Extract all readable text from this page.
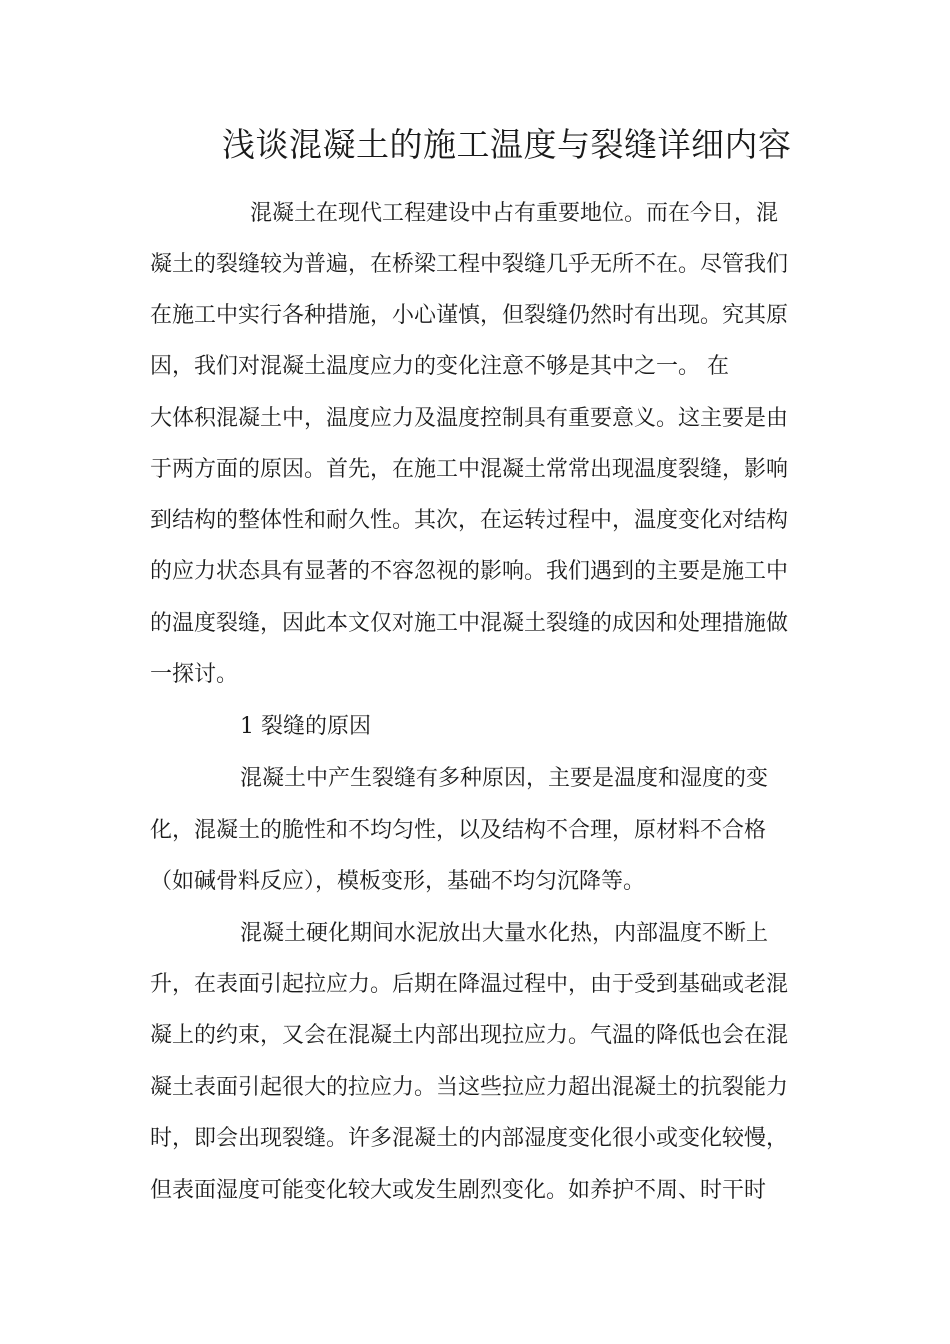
浅谈混凝土的施工温度与裂缝详细内容
混凝土在现代工程建设中占有重要地位。而在今日，混
凝土的裂缝较为普遍，在桥梁工程中裂缝几乎无所不在。尽管我们
在施工中实行各种措施，小心谨慎，但裂缝仍然时有出现。究其原
因，我们对混凝土温度应力的变化注意不够是其中之一。 在
大体积混凝土中，温度应力及温度控制具有重要意义。这主要是由
于两方面的原因。首先，在施工中混凝土常常出现温度裂缝，影响
到结构的整体性和耐久性。其次，在运转过程中，温度变化对结构
的应力状态具有显著的不容忽视的影响。我们遇到的主要是施工中
的温度裂缝，因此本文仅对施工中混凝土裂缝的成因和处理措施做
一探讨。
1 裂缝的原因
混凝土中产生裂缝有多种原因，主要是温度和湿度的变
化，混凝土的脆性和不均匀性，以及结构不合理，原材料不合格
（如碱骨料反应），模板变形，基础不均匀沉降等。
混凝土硬化期间水泥放出大量水化热，内部温度不断上
升，在表面引起拉应力。后期在降温过程中，由于受到基础或老混
凝上的约束，又会在混凝土内部出现拉应力。气温的降低也会在混
凝土表面引起很大的拉应力。当这些拉应力超出混凝土的抗裂能力
时，即会出现裂缝。许多混凝土的内部湿度变化很小或变化较慢，
但表面湿度可能变化较大或发生剧烈变化。如养护不周、时干时
